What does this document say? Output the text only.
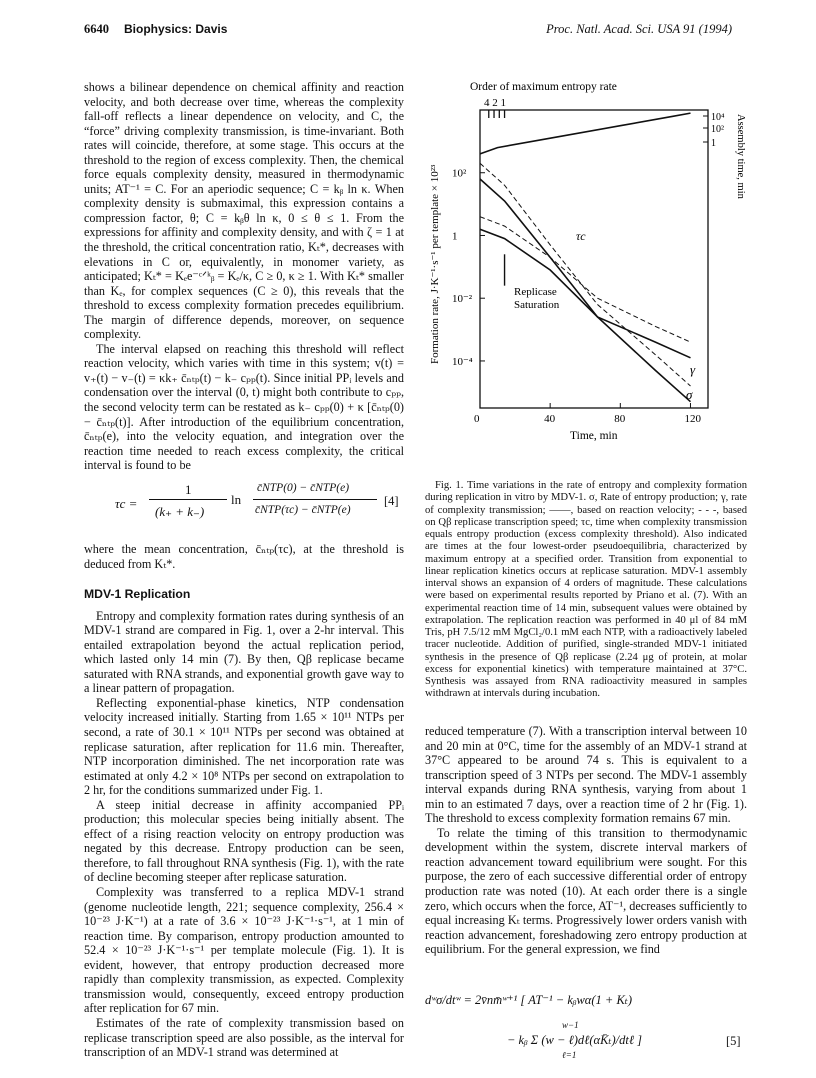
6640 Biophysics: Davis	Proc. Natl. Acad. Sci. USA 91 (1994)

shows a bilinear dependence on chemical affinity and reaction velocity, and both decrease over time, whereas the complexity fall-off reflects a linear dependence on velocity, and C, the “force” driving complexity transmission, is time-invariant. Both rates will coincide, therefore, at some stage. This occurs at the threshold to the region of excess complexity. Then, the chemical force equals complexity density, measured in thermodynamic units; AT⁻¹ = C. For an aperiodic sequence; C = kᵦ ln κ. When complexity density is submaximal, this expression contains a compression factor, θ; C = kᵦθ ln κ, 0 ≤ θ ≤ 1. From the expressions for affinity and complexity density, and with ζ = 1 at the threshold, the critical concentration ratio, Kₜ*, decreases with elevations in C or, equivalently, in monomer variety, as anticipated; Kₜ* = Kₑe⁻ᶜᐟᵏᵦ = Kₑ/κ, C ≥ 0, κ ≥ 1. With Kₜ* smaller than Kₑ, for complex sequences (C ≥ 0), this reveals that the threshold to excess complexity formation precedes equilibrium. The margin of difference depends, moreover, on sequence complexity.

The interval elapsed on reaching this threshold will reflect reaction velocity, which varies with time in this system; v(t) = v₊(t) − v₋(t) = κk₊ c̄ₙₜₚ(t) − k₋ cₚₚ(t). Since initial PPᵢ levels and condensation over the interval (0, t) might both contribute to cₚₚ, the second velocity term can be restated as k₋ cₚₚ(0) + κ [c̄ₙₜₚ(0) − c̄ₙₜₚ(t)]. After introduction of the equilibrium concentration, c̄ₙₜₚ(e), into the velocity equation, and integration over the reaction time needed to reach excess complexity, the critical interval is found to be

τc =
1
(k₊ + k₋)
ln
c̄NTP(0) − c̄NTP(e)
c̄NTP(τc) − c̄NTP(e)
[4]

where the mean concentration, c̄ₙₜₚ(τc), at the threshold is deduced from Kₜ*.

MDV-1 Replication

Entropy and complexity formation rates during synthesis of an MDV-1 strand are compared in Fig. 1, over a 2-hr interval. This entailed extrapolation beyond the actual replication period, which lasted only 14 min (7). By then, Qβ replicase became saturated with RNA strands, and exponential growth gave way to a linear pattern of propagation.

Reflecting exponential-phase kinetics, NTP condensation velocity increased initially. Starting from 1.65 × 10¹¹ NTPs per second, a rate of 30.1 × 10¹¹ NTPs per second was obtained at replicase saturation, after replication for 11.6 min. Thereafter, NTP incorporation diminished. The net incorporation rate was estimated at only 4.2 × 10⁸ NTPs per second on extrapolation to 2 hr, for the conditions summarized under Fig. 1.

A steep initial decrease in affinity accompanied PPᵢ production; this molecular species being initially absent. The effect of a rising reaction velocity on entropy production was negated by this decrease. Entropy production can be seen, therefore, to fall throughout RNA synthesis (Fig. 1), with the rate of decline becoming steeper after replicase saturation.

Complexity was transferred to a replica MDV-1 strand (genome nucleotide length, 221; sequence complexity, 256.4 × 10⁻²³ J·K⁻¹) at a rate of 3.6 × 10⁻²³ J·K⁻¹·s⁻¹, at 1 min of reaction time. By comparison, entropy production amounted to 52.4 × 10⁻²³ J·K⁻¹·s⁻¹ per template molecule (Fig. 1). It is evident, however, that entropy production decreased more rapidly than complexity transmission, as expected. Complexity transmission would, consequently, exceed entropy production after replication for 67 min.

Estimates of the rate of complexity transmission based on replicase transcription speed are also possible, as the interval for transcription of an MDV-1 strand was determined at

Order of maximum entropy rate
4 2 1
0	40	80	120
10²
1
10⁻²
10⁻⁴
10⁴
10²
1
Formation rate, J·K⁻¹·s⁻¹ per template × 10²³
Assembly time, min
Time, min
τc
γ
σ
Replicase
Saturation

Fig. 1. Time variations in the rate of entropy and complexity formation during replication in vitro by MDV-1. σ, Rate of entropy production; γ, rate of complexity transmission; ——, based on reaction velocity; - - -, based on Qβ replicase transcription speed; τc, time when complexity transmission equals entropy production (excess complexity threshold). Also indicated are times at the four lowest-order pseudoequilibria, characterized by maximum entropy at a specified order. Transition from exponential to linear replication kinetics occurs at replicase saturation. MDV-1 assembly interval shows an expansion of 4 orders of magnitude. These calculations were based on experimental results reported by Priano et al. (7). With an experimental reaction time of 14 min, subsequent values were obtained by extrapolation. The replication reaction was performed in 40 μl of 84 mM Tris, pH 7.5/12 mM MgCl₂/0.1 mM each NTP, with a radioactively labeled tracer nucleotide. Addition of purified, single-stranded MDV-1 initiated synthesis in the presence of Qβ replicase (2.24 μg of protein, at molar excess for exponential kinetics) with temperature maintained at 37°C. Synthesis was assayed from RNA radioactivity measured in samples withdrawn at intervals during incubation.

reduced temperature (7). With a transcription interval between 10 and 20 min at 0°C, time for the assembly of an MDV-1 strand at 37°C appeared to be around 74 s. This is equivalent to a transcription speed of 3 NTPs per second. The MDV-1 assembly interval expands during RNA synthesis, varying from about 1 min to an estimated 7 days, over a reaction time of 2 hr (Fig. 1). The threshold to excess complexity formation remains 67 min.

To relate the timing of this transition to thermodynamic development within the system, discrete interval markers of reaction advancement toward equilibrium were sought. For this purpose, the zero of each successive differential order of entropy production rate was noted (10). At each order there is a single zero, which occurs when the force, AT⁻¹, decreases sufficiently to equal increasing Kₜ terms. Progressively lower orders vanish with reaction advancement, foreshadowing zero entropy production at equilibrium. For the general expression, we find

dʷσ/dtʷ = 2v̄nm̄ʷ⁺¹ [ AT⁻¹ − kᵦwα(1 + Kₜ)
w−1
− kᵦ Σ (w − ℓ)dℓ(αK̄ₜ)/dtℓ ]
ℓ=1
[5]
